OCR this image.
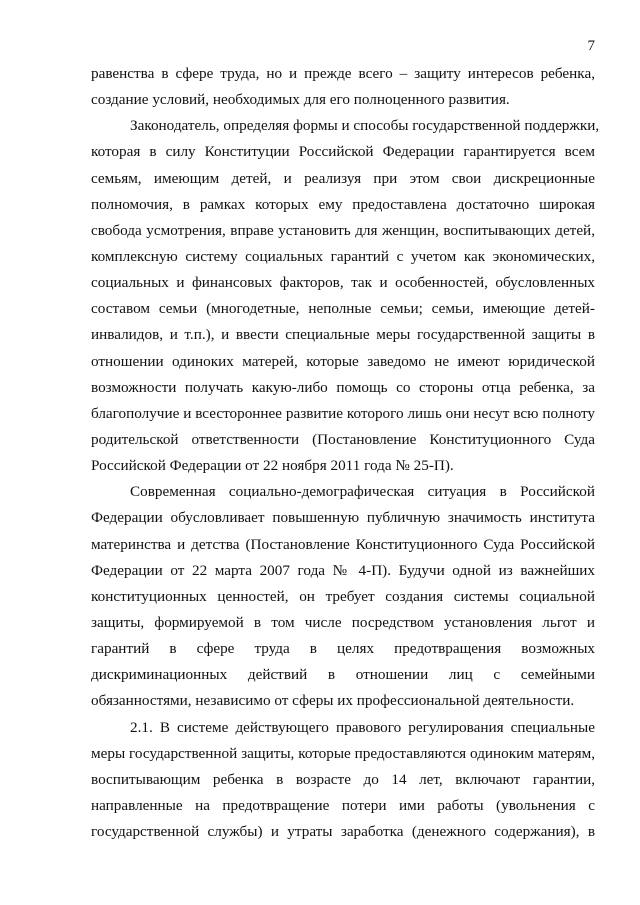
7
равенства в сфере труда, но и прежде всего – защиту интересов ребенка,
создание условий, необходимых для его полноценного развития.
Законодатель, определяя формы и способы государственной поддержки,
которая в силу Конституции Российской Федерации гарантируется всем
семьям, имеющим детей, и реализуя при этом свои дискреционные
полномочия, в рамках которых ему предоставлена достаточно широкая
свобода усмотрения, вправе установить для женщин, воспитывающих детей,
комплексную систему социальных гарантий с учетом как экономических,
социальных и финансовых факторов, так и особенностей, обусловленных
составом семьи (многодетные, неполные семьи; семьи, имеющие детей-
инвалидов, и т.п.), и ввести специальные меры государственной защиты в
отношении одиноких матерей, которые заведомо не имеют юридической
возможности получать какую-либо помощь со стороны отца ребенка, за
благополучие и всестороннее развитие которого лишь они несут всю полноту
родительской ответственности (Постановление Конституционного Суда
Российской Федерации от 22 ноября 2011 года № 25-П).
Современная социально-демографическая ситуация в Российской
Федерации обусловливает повышенную публичную значимость института
материнства и детства (Постановление Конституционного Суда Российской
Федерации от 22 марта 2007 года № 4-П). Будучи одной из важнейших
конституционных ценностей, он требует создания системы социальной
защиты, формируемой в том числе посредством установления льгот и
гарантий в сфере труда в целях предотвращения возможных
дискриминационных действий в отношении лиц с семейными
обязанностями, независимо от сферы их профессиональной деятельности.
2.1. В системе действующего правового регулирования специальные
меры государственной защиты, которые предоставляются одиноким матерям,
воспитывающим ребенка в возрасте до 14 лет, включают гарантии,
направленные на предотвращение потери ими работы (увольнения с
государственной службы) и утраты заработка (денежного содержания), в
